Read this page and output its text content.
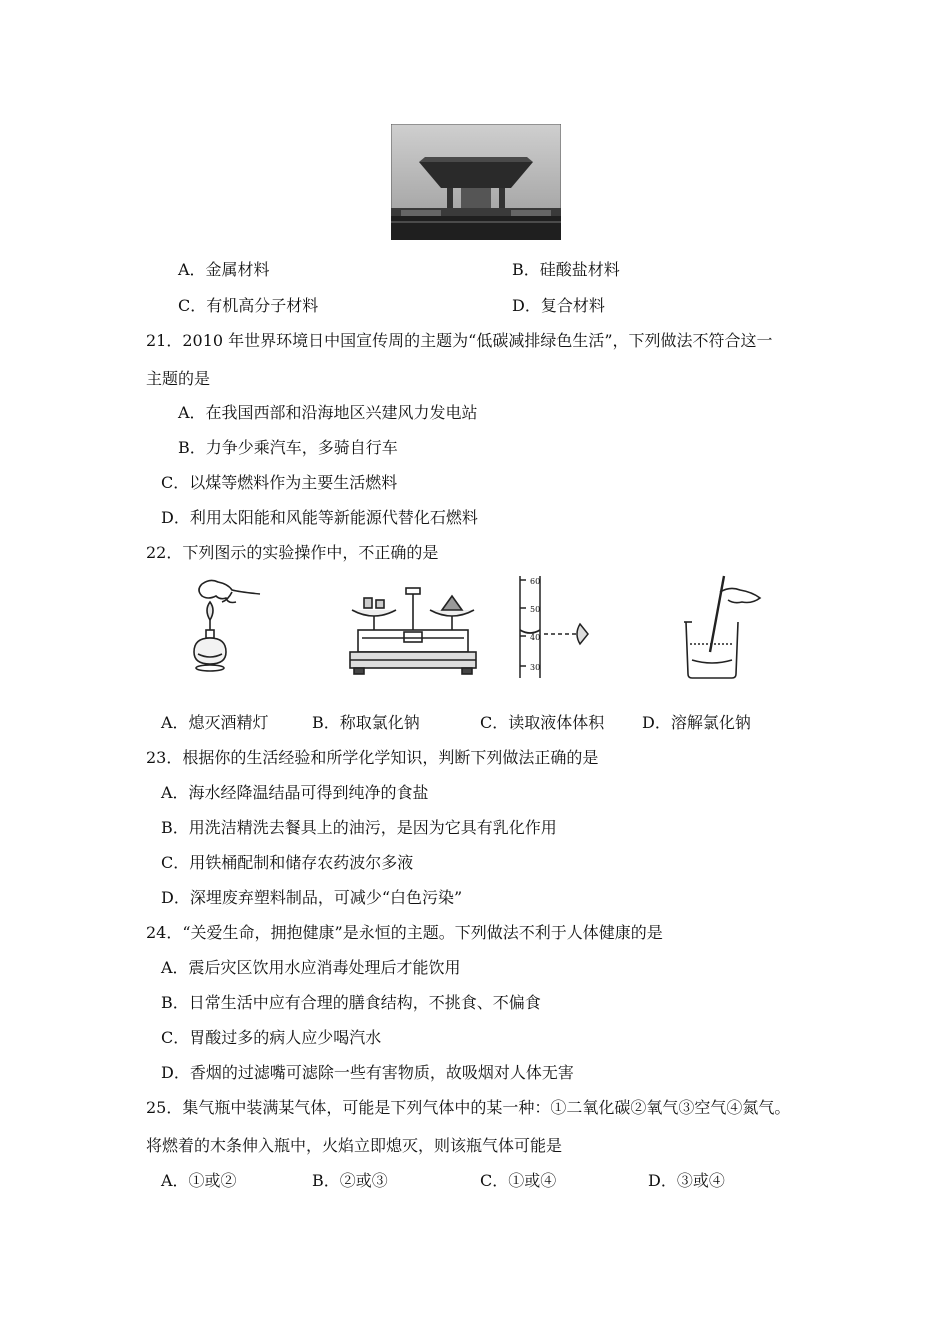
A．金属材料	B．硅酸盐材料
C．有机高分子材料	D．复合材料
21．2010 年世界环境日中国宣传周的主题为“低碳减排绿色生活”，下列做法不符合这一
主题的是
A．在我国西部和沿海地区兴建风力发电站
B．力争少乘汽车，多骑自行车
C．以煤等燃料作为主要生活燃料
D．利用太阳能和风能等新能源代替化石燃料
22．下列图示的实验操作中，不正确的是
60
50
40
30
A．熄灭酒精灯	B．称取氯化钠	C．读取液体体积 D．溶解氯化钠
23．根据你的生活经验和所学化学知识，判断下列做法正确的是
A．海水经降温结晶可得到纯净的食盐
B．用洗洁精洗去餐具上的油污，是因为它具有乳化作用
C．用铁桶配制和储存农药波尔多液
D．深埋废弃塑料制品，可减少“白色污染”
24．“关爱生命，拥抱健康”是永恒的主题。下列做法不利于人体健康的是
A．震后灾区饮用水应消毒处理后才能饮用
B．日常生活中应有合理的膳食结构，不挑食、不偏食
C．胃酸过多的病人应少喝汽水
D．香烟的过滤嘴可滤除一些有害物质，故吸烟对人体无害
25．集气瓶中装满某气体，可能是下列气体中的某一种：①二氧化碳②氧气③空气④氮气。
将燃着的木条伸入瓶中，火焰立即熄灭，则该瓶气体可能是
A．①或②	B．②或③	C．①或④	D．③或④
